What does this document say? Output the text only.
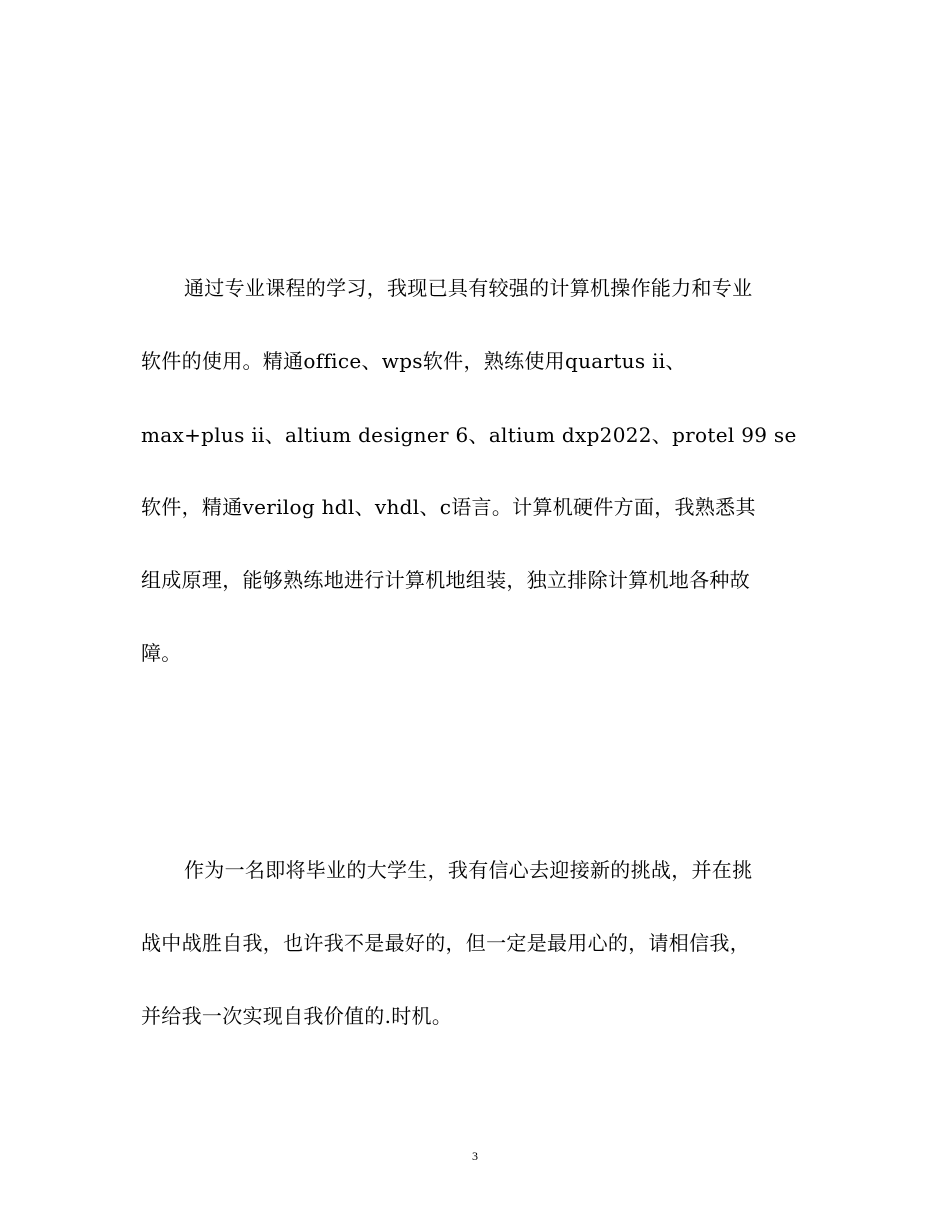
通过专业课程的学习，我现已具有较强的计算机操作能力和专业
软件的使用。精通office、wps软件，熟练使用quartus ii、
max+plus ii、altium designer 6、altium dxp2022、protel 99 se
软件，精通verilog hdl、vhdl、c语言。计算机硬件方面，我熟悉其
组成原理，能够熟练地进行计算机地组装，独立排除计算机地各种故
障。
作为一名即将毕业的大学生，我有信心去迎接新的挑战，并在挑
战中战胜自我，也许我不是最好的，但一定是最用心的，请相信我，
并给我一次实现自我价值的.时机。
3
